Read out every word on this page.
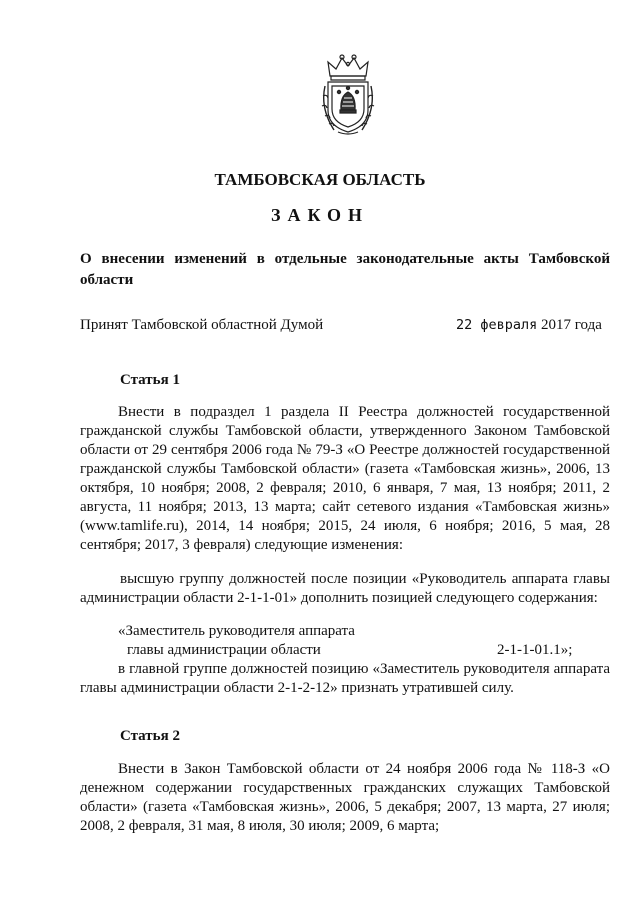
ТАМБОВСКАЯ ОБЛАСТЬ
ЗАКОН
О внесении изменений в отдельные законодательные акты Тамбовской области
Принят Тамбовской областной Думой	22 февраля 2017 года
Статья 1
Внести в подраздел 1 раздела II Реестра должностей государственной гражданской службы Тамбовской области, утвержденного Законом Тамбовской области от 29 сентября 2006 года № 79-З «О Реестре должностей государственной гражданской службы Тамбовской области» (газета «Тамбовская жизнь», 2006, 13 октября, 10 ноября; 2008, 2 февраля; 2010, 6 января, 7 мая, 13 ноября; 2011, 2 августа, 11 ноября; 2013, 13 марта; сайт сетевого издания «Тамбовская жизнь» (www.tamlife.ru), 2014, 14 ноября; 2015, 24 июля, 6 ноября; 2016, 5 мая, 28 сентября; 2017, 3 февраля) следующие изменения:
высшую группу должностей после позиции «Руководитель аппарата главы администрации области 2-1-1-01» дополнить позицией следующего содержания:
«Заместитель руководителя аппарата
главы администрации области	2-1-1-01.1»;
в главной группе должностей позицию «Заместитель руководителя аппарата главы администрации области 2-1-2-12» признать утратившей силу.
Статья 2
Внести в Закон Тамбовской области от 24 ноября 2006 года № 118-З «О денежном содержании государственных гражданских служащих Тамбовской области» (газета «Тамбовская жизнь», 2006, 5 декабря; 2007, 13 марта, 27 июля; 2008, 2 февраля, 31 мая, 8 июля, 30 июля; 2009, 6 марта;
